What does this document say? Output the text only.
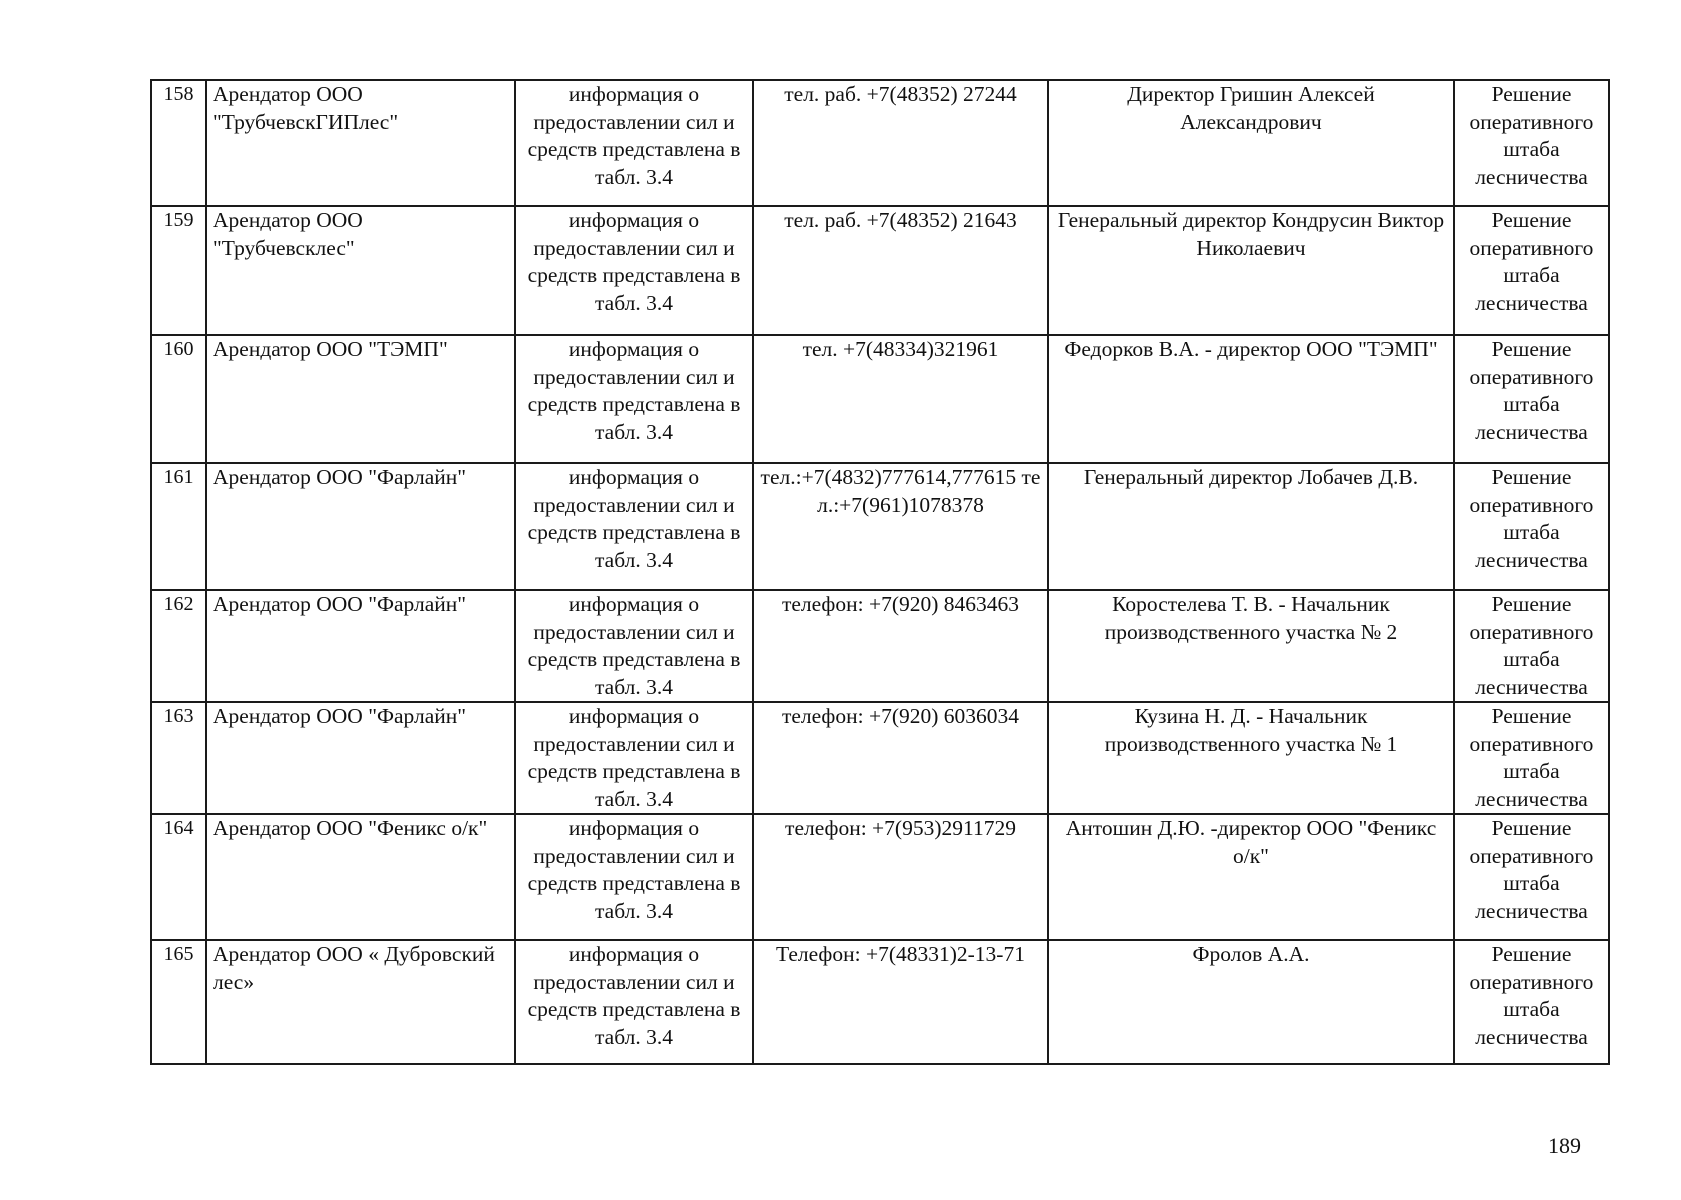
158	Арендатор ООО "ТрубчевскГИПлес"	информация о предоставлении сил и средств представлена в табл. 3.4	тел. раб. +7(48352) 27244	Директор Гришин Алексей Александрович	Решение оперативного штаба лесничества
159	Арендатор ООО "Трубчевсклес"	информация о предоставлении сил и средств представлена в табл. 3.4	тел. раб. +7(48352) 21643	Генеральный директор Кондрусин Виктор Николаевич	Решение оперативного штаба лесничества
160	Арендатор ООО "ТЭМП"	информация о предоставлении сил и средств представлена в табл. 3.4	тел. +7(48334)321961	Федорков В.А. - директор ООО "ТЭМП"	Решение оперативного штаба лесничества
161	Арендатор ООО "Фарлайн"	информация о предоставлении сил и средств представлена в табл. 3.4	тел.:+7(4832)777614,777615 тел.:+7(961)1078378	Генеральный директор Лобачев Д.В.	Решение оперативного штаба лесничества
162	Арендатор ООО "Фарлайн"	информация о предоставлении сил и средств представлена в табл. 3.4	телефон: +7(920) 8463463	Коростелева Т. В. - Начальник производственного участка № 2	Решение оперативного штаба лесничества
163	Арендатор ООО "Фарлайн"	информация о предоставлении сил и средств представлена в табл. 3.4	телефон: +7(920) 6036034	Кузина Н. Д. - Начальник производственного участка № 1	Решение оперативного штаба лесничества
164	Арендатор ООО "Феникс о/к"	информация о предоставлении сил и средств представлена в табл. 3.4	телефон: +7(953)2911729	Антошин Д.Ю. -директор ООО "Феникс о/к"	Решение оперативного штаба лесничества
165	Арендатор ООО « Дубровский лес»	информация о предоставлении сил и средств представлена в табл. 3.4	Телефон: +7(48331)2-13-71	Фролов А.А.	Решение оперативного штаба лесничества
189
